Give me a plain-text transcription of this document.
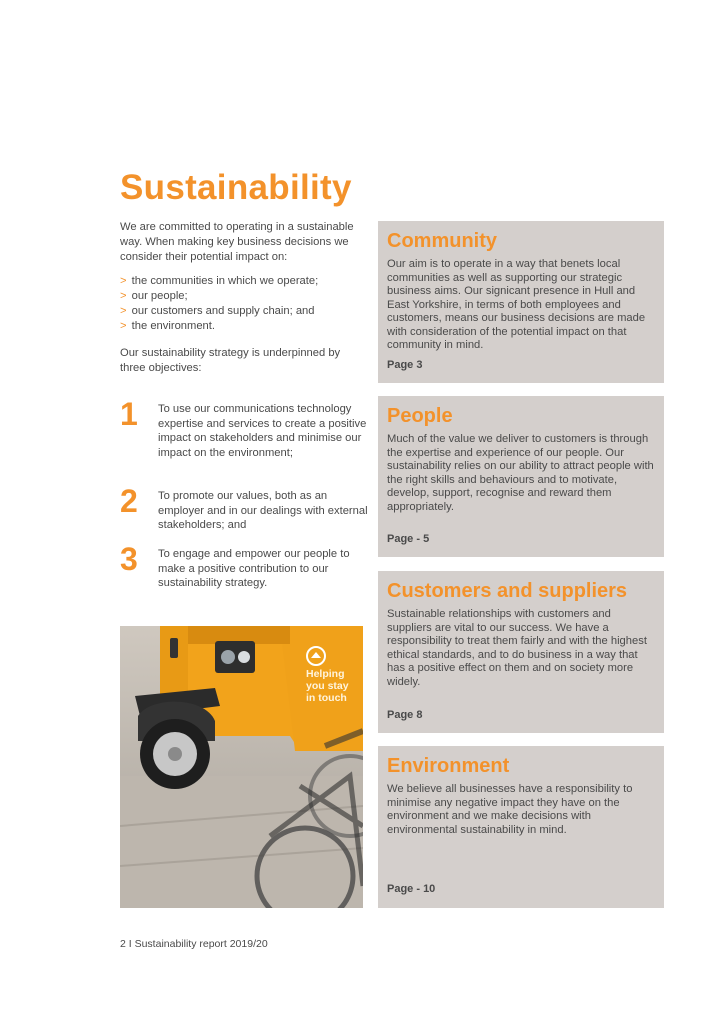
Sustainability

We are committed to operating in a sustainable way. When making key business decisions we consider their potential impact on:

> the communities in which we operate;
> our people;
> our customers and supply chain; and
> the environment.

Our sustainability strategy is underpinned by three objectives:

1 To use our communications technology expertise and services to create a positive impact on stakeholders and minimise our impact on the environment;

2 To promote our values, both as an employer and in our dealings with external stakeholders; and

3 To engage and empower our people to make a positive contribution to our sustainability strategy.

Helping you stay in touch
Community

Our aim is to operate in a way that benets local communities as well as supporting our strategic business aims. Our signicant presence in Hull and East Yorkshire, in terms of both employees and customers, means our business decisions are made with consideration of the potential impact on that community in mind.

Page 3
People

Much of the value we deliver to customers is through the expertise and experience of our people. Our sustainability relies on our ability to attract people with the right skills and behaviours and to motivate, develop, support, recognise and reward them appropriately.

Page - 5
Customers and suppliers

Sustainable relationships with customers and suppliers are vital to our success. We have a responsibility to treat them fairly and with the highest ethical standards, and to do business in a way that has a positive effect on them and on society more widely.

Page 8
Environment

We believe all businesses have a responsibility to minimise any negative impact they have on the environment and we make decisions with environmental sustainability in mind.

Page - 10
2 I Sustainability report 2019/20
